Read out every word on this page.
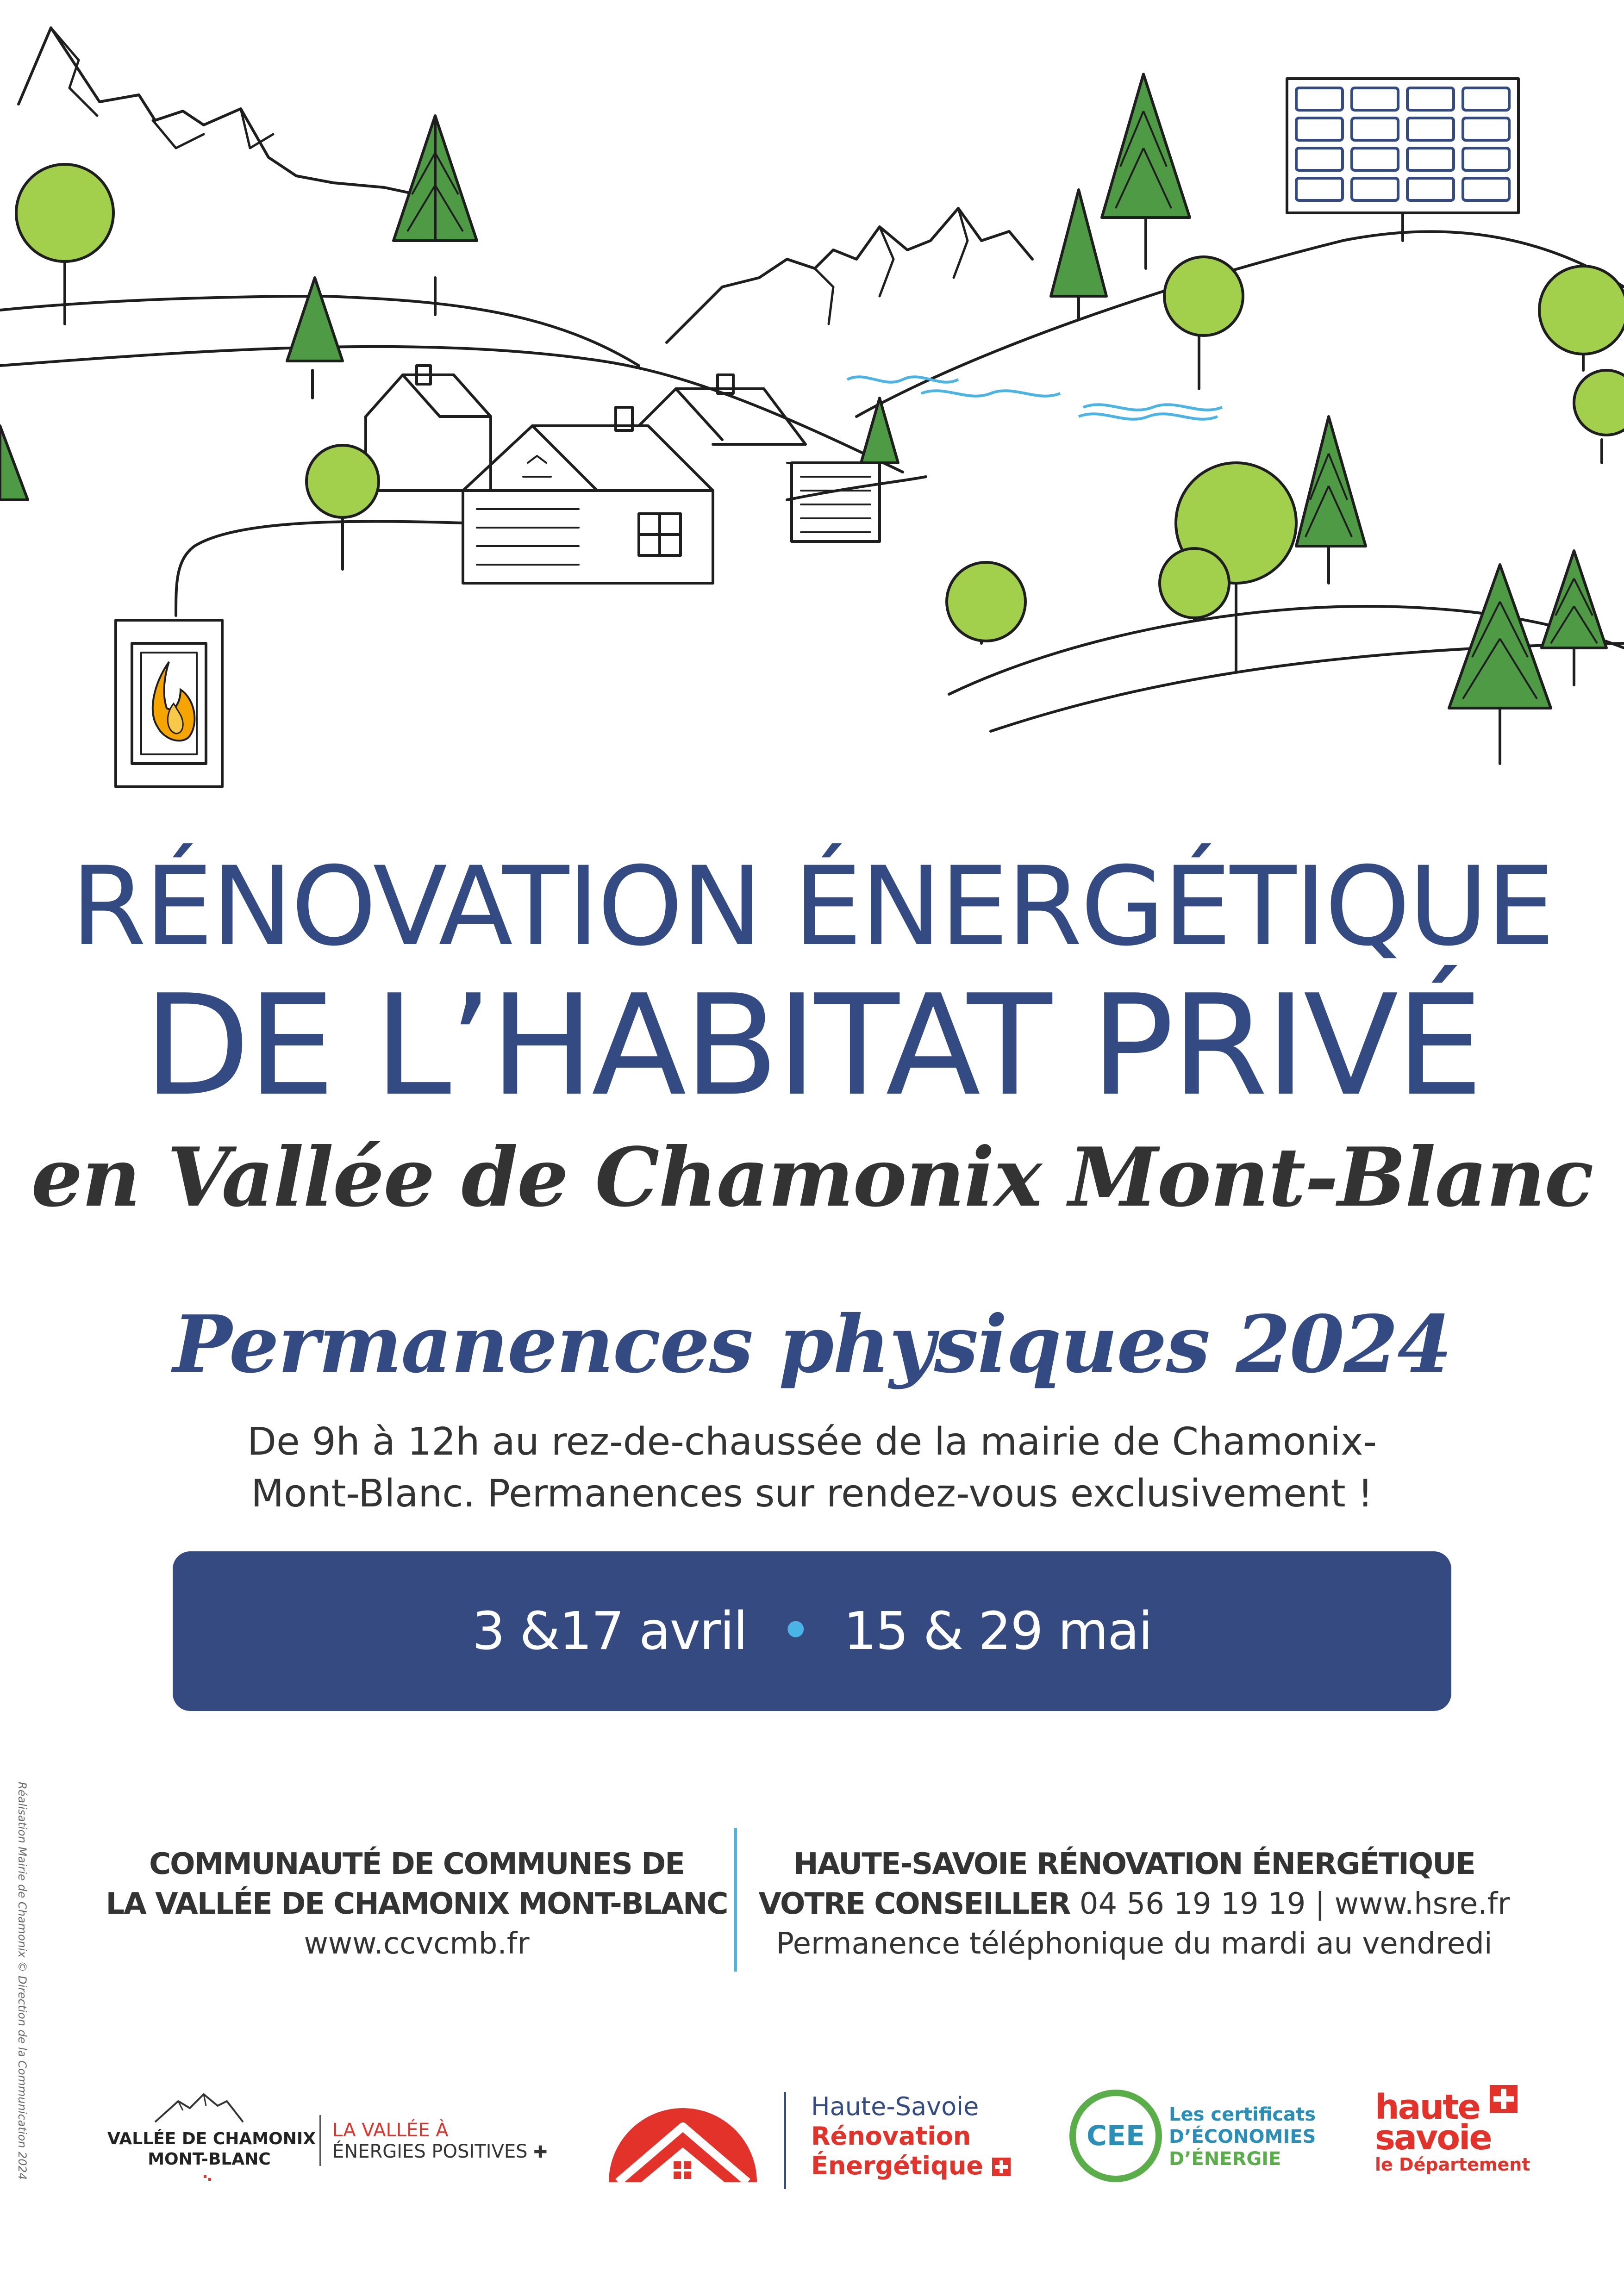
RÉNOVATION ÉNERGÉTIQUE
DE L’HABITAT PRIVÉ
en Vallée de Chamonix Mont-Blanc
Permanences physiques 2024
De 9h à 12h au rez-de-chaussée de la mairie de Chamonix-
Mont-Blanc. Permanences sur rendez-vous exclusivement !
3 &17 avril • 15 & 29 mai
COMMUNAUTÉ DE COMMUNES DE
LA VALLÉE DE CHAMONIX MONT-BLANC
www.ccvcmb.fr
HAUTE-SAVOIE RÉNOVATION ÉNERGÉTIQUE
VOTRE CONSEILLER 04 56 19 19 19 | www.hsre.fr
Permanence téléphonique du mardi au vendredi
Réalisation Mairie de Chamonix © Direction de la Communication 2024	VALLÉE DE CHAMONIX
MONT-BLANC
LA VALLÉE À
ÉNERGIES POSITIVES ✚
Haute-Savoie
Rénovation
Énergétique
CEE
Les certificats
D’ÉCONOMIES
D’ÉNERGIE
haute
savoie
le Département
